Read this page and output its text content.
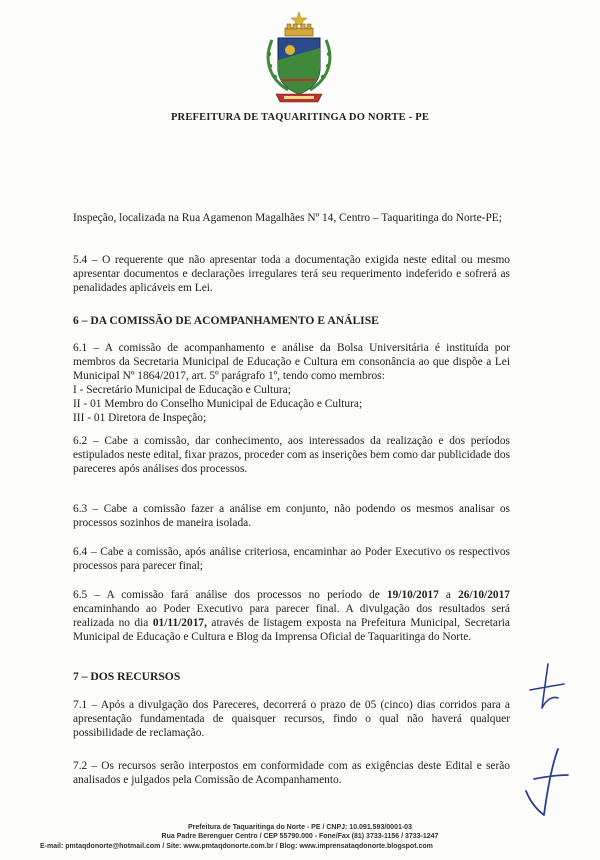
PREFEITURA DE TAQUARITINGA DO NORTE - PE

Inspeção, localizada na Rua Agamenon Magalhães Nº 14, Centro – Taquaritinga do Norte-PE;

5.4 – O requerente que não apresentar toda a documentação exigida neste edital ou mesmo apresentar documentos e declarações irregulares terá seu requerimento indeferido e sofrerá as penalidades aplicáveis em Lei.

6 – DA COMISSÃO DE ACOMPANHAMENTO E ANÁLISE

6.1 – A comissão de acompanhamento e análise da Bolsa Universitária é instituída por membros da Secretaria Municipal de Educação e Cultura em consonância ao que dispõe a Lei Municipal Nº 1864/2017, art. 5º parágrafo 1º, tendo como membros:

I - Secretário Municipal de Educação e Cultura;
II - 01 Membro do Conselho Municipal de Educação e Cultura;
III - 01 Diretora de Inspeção;

6.2 – Cabe a comissão, dar conhecimento, aos interessados da realização e dos períodos estipulados neste edital, fixar prazos, proceder com as inserições bem como dar publicidade dos pareceres após análises dos processos.

6.3 – Cabe a comissão fazer a análise em conjunto, não podendo os mesmos analisar os processos sozinhos de maneira isolada.

6.4 – Cabe a comissão, após análise criteriosa, encaminhar ao Poder Executivo os respectivos processos para parecer final;

6.5 – A comissão fará análise dos processos no período de 19/10/2017 a 26/10/2017 encaminhando ao Poder Executivo para parecer final. A divulgação dos resultados será realizada no dia 01/11/2017, através de listagem exposta na Prefeitura Municipal, Secretaria Municipal de Educação e Cultura e Blog da Imprensa Oficial de Taquaritinga do Norte.

7 – DOS RECURSOS

7.1 – Após a divulgação dos Pareceres, decorrerá o prazo de 05 (cinco) dias corridos para a apresentação fundamentada de quaisquer recursos, findo o qual não haverá qualquer possibilidade de reclamação.

7.2 – Os recursos serão interpostos em conformidade com as exigências deste Edital e serão analisados e julgados pela Comissão de Acompanhamento.

Prefeitura de Taquaritinga do Norte - PE / CNPJ: 10.091.593/0001-03
Rua Padre Berenguer Centro / CEP 55790.000 - Fone/Fax (81) 3733-1156 / 3733-1247
E-mail: pmtaqdonorte@hotmail.com / Site: www.pmtaqdonorte.com.br / Blog: www.imprensataqdonorte.blogspot.com
